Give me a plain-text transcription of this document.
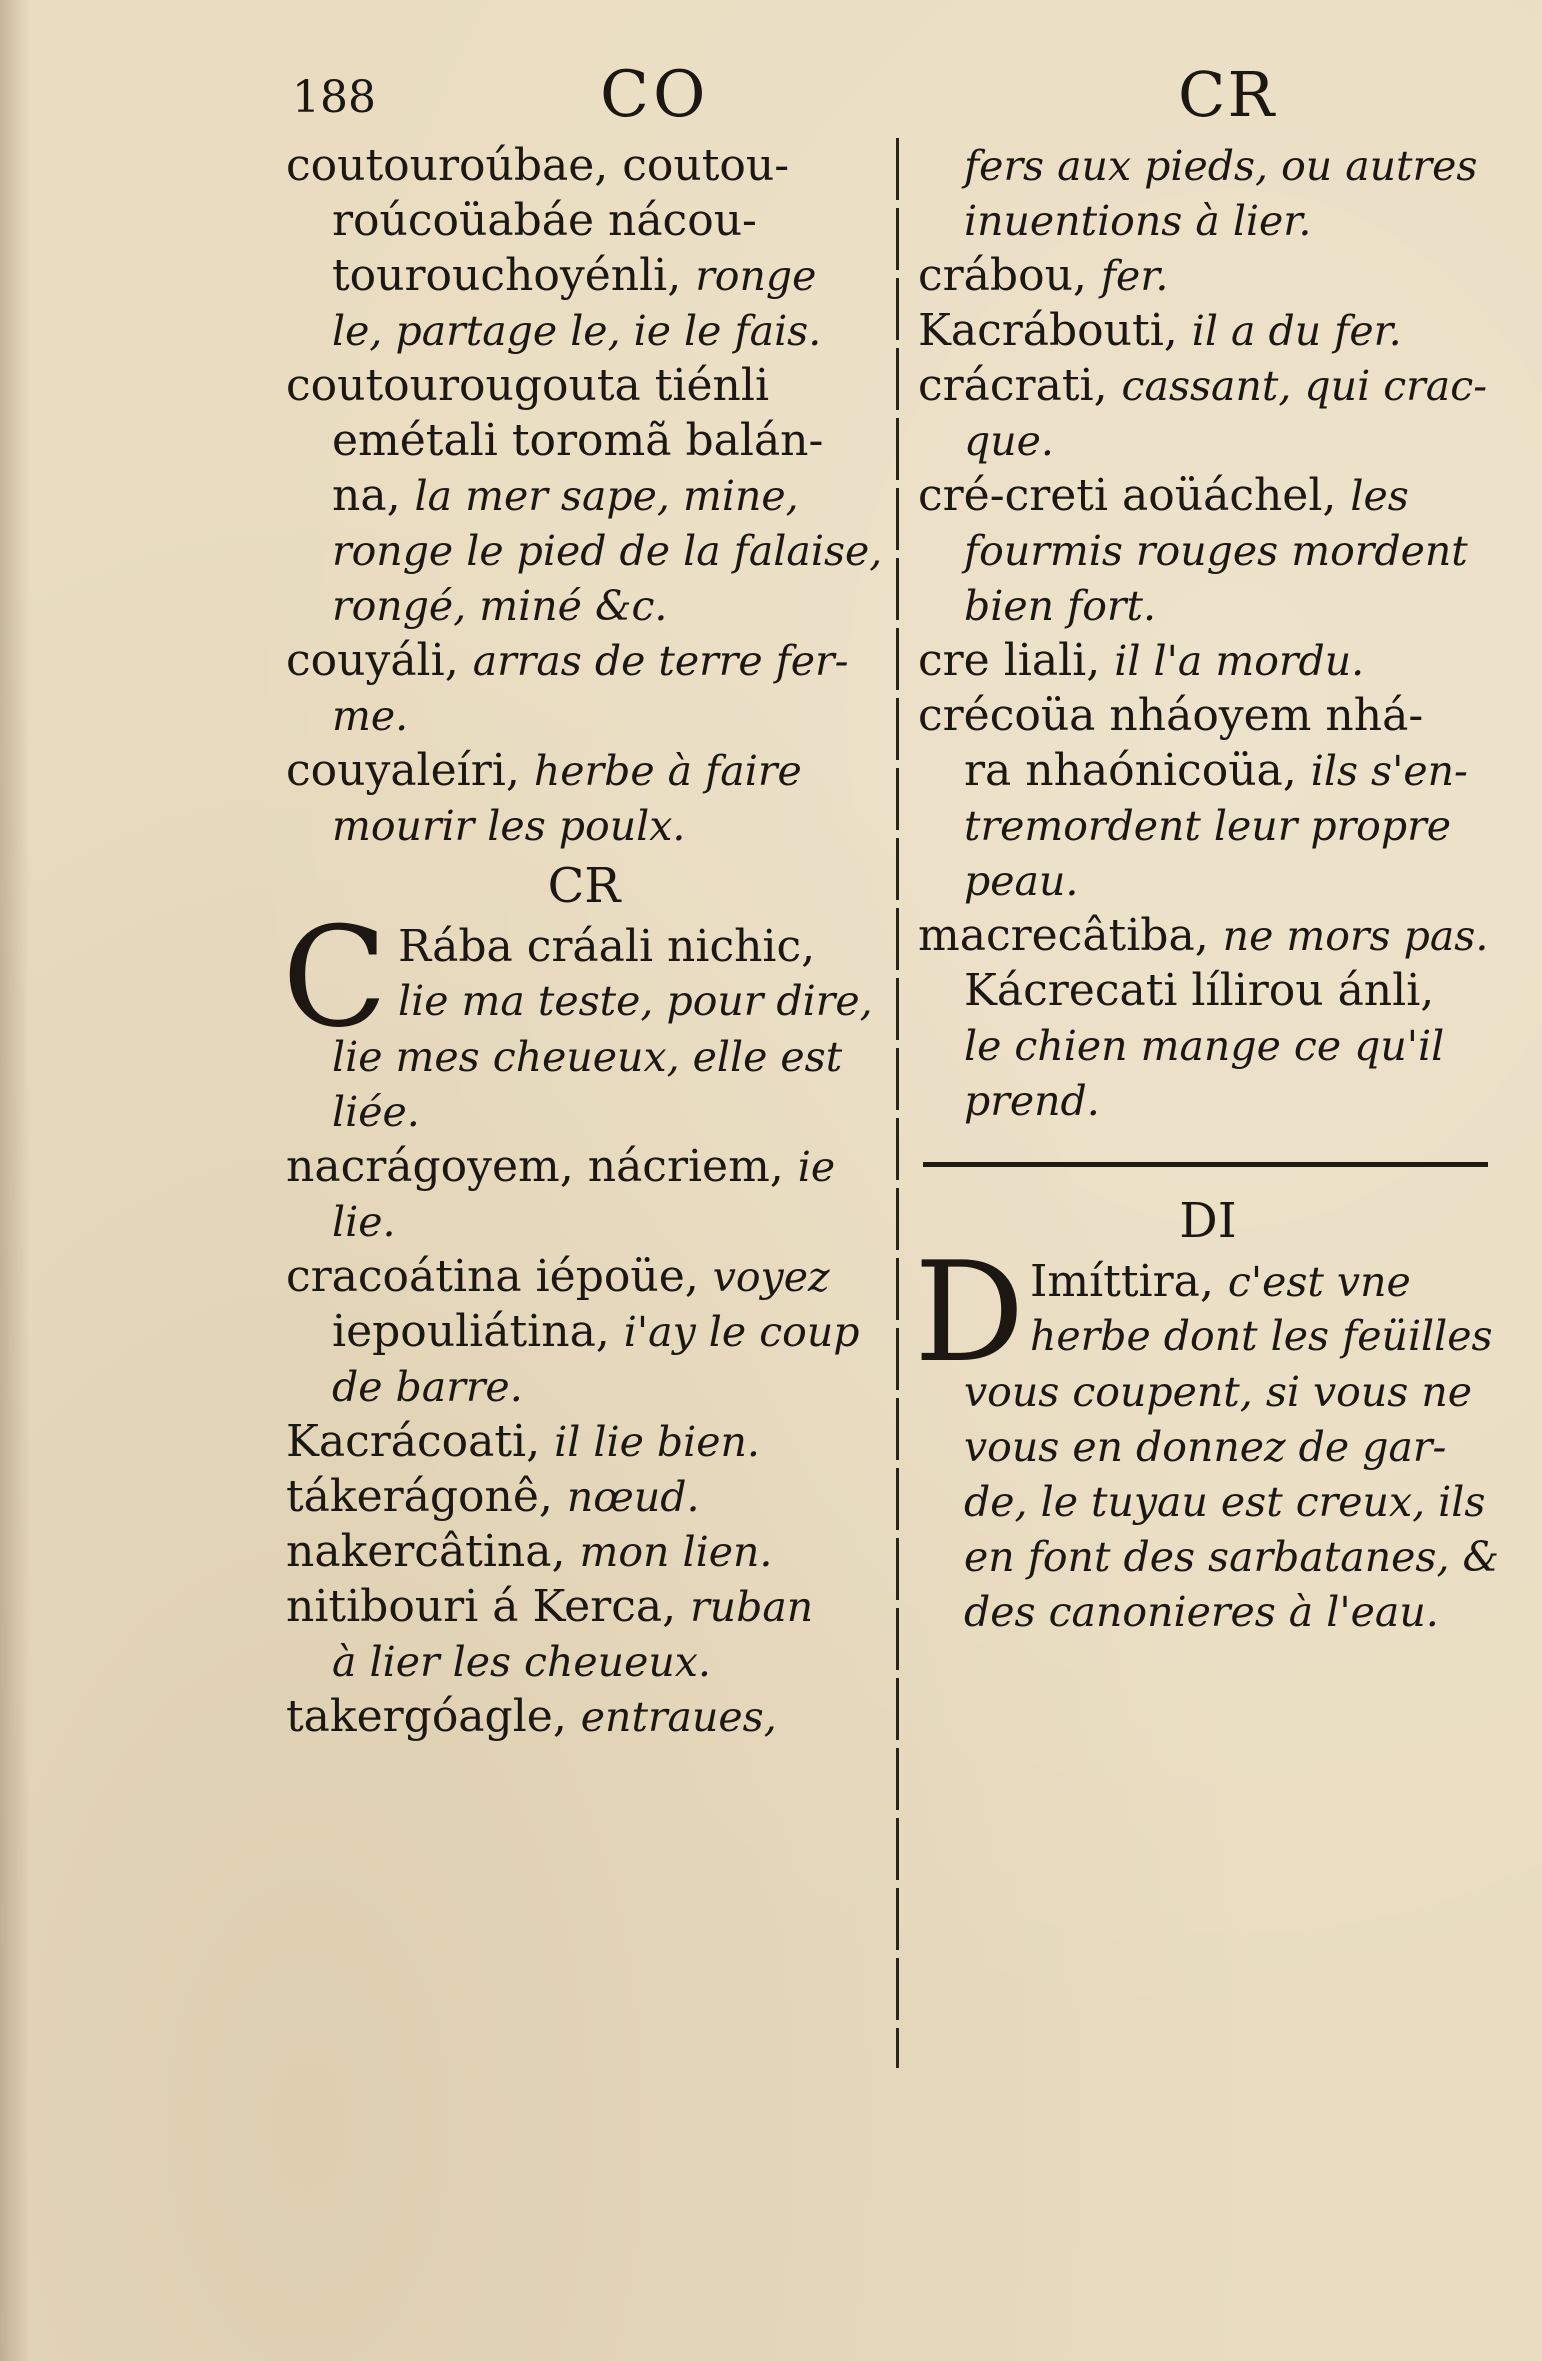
188	CO	CR
coutouroúbae, coutou-
roúcoüabáe nácou-
tourouchoyénli, ronge
le, partage le, ie le fais.
coutourougouta tiénli
emétali toromã balán-
na, la mer sape, mine,
ronge le pied de la falaise,
rongé, miné &c.
couyáli, arras de terre fer-
me.
couyaleíri, herbe à faire
mourir les poulx.
CR
C Rába cráali nichic,
lie ma teste, pour dire,
lie mes cheueux, elle est
liée.
nacrágoyem, nácriem, ie
lie.
cracoátina iépoüe, voyez
iepouliátina, i'ay le coup
de barre.
Kacrácoati, il lie bien.
tákerágonê, nœud.
nakercâtina, mon lien.
nitibouri á Kerca, ruban
à lier les cheueux.
takergóagle, entraues,
fers aux pieds, ou autres
inuentions à lier.
crábou, fer.
Kacrábouti, il a du fer.
crácrati, cassant, qui crac-
que.
cré-creti aoüáchel, les
fourmis rouges mordent
bien fort.
cre liali, il l'a mordu.
crécoüa nháoyem nhá-
ra nhaónicoüa, ils s'en-
tremordent leur propre
peau.
macrecâtiba, ne mors pas.
Kácrecati lílirou ánli,
le chien mange ce qu'il
prend.
DI
D Imíttira, c'est vne
herbe dont les feüilles
vous coupent, si vous ne
vous en donnez de gar-
de, le tuyau est creux, ils
en font des sarbatanes, &
des canonieres à l'eau.
